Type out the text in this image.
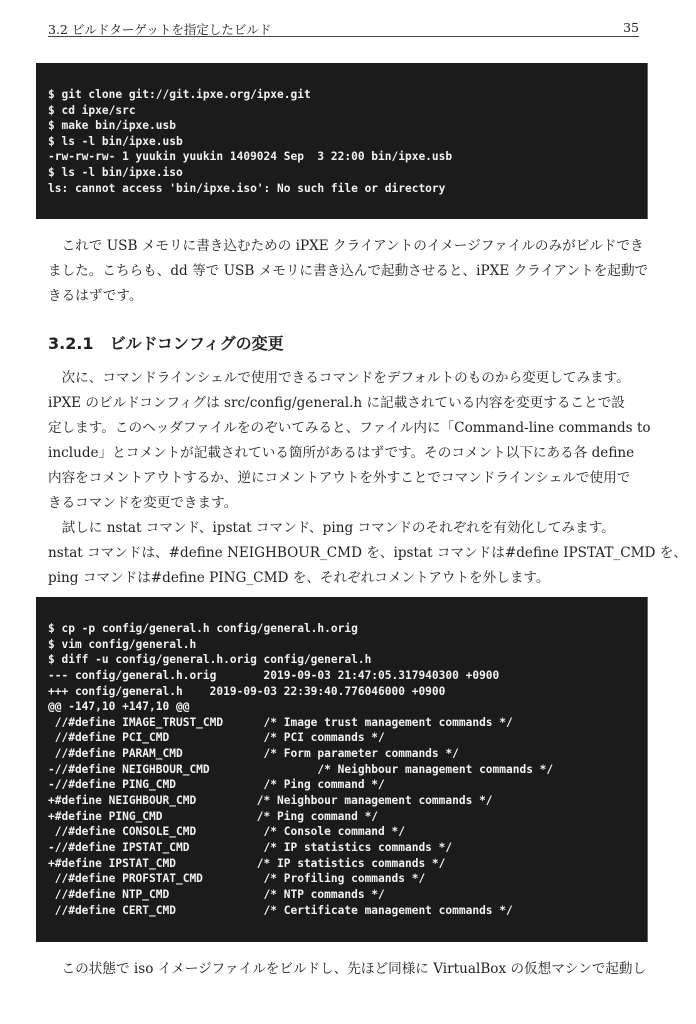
3.2 ビルドターゲットを指定したビルド	35
$ git clone git://git.ipxe.org/ipxe.git
$ cd ipxe/src
$ make bin/ipxe.usb
$ ls -l bin/ipxe.usb
-rw-rw-rw- 1 yuukin yuukin 1409024 Sep  3 22:00 bin/ipxe.usb
$ ls -l bin/ipxe.iso
ls: cannot access 'bin/ipxe.iso': No such file or directory
　これで USB メモリに書き込むための iPXE クライアントのイメージファイルのみがビルドでき
ました。こちらも、dd 等で USB メモリに書き込んで起動させると、iPXE クライアントを起動で
きるはずです。
3.2.1 ビルドコンフィグの変更
　次に、コマンドラインシェルで使用できるコマンドをデフォルトのものから変更してみます。
iPXE のビルドコンフィグは src/config/general.h に記載されている内容を変更することで設
定します。このヘッダファイルをのぞいてみると、ファイル内に「Command-line commands to
include」とコメントが記載されている箇所があるはずです。そのコメント以下にある各 define
内容をコメントアウトするか、逆にコメントアウトを外すことでコマンドラインシェルで使用で
きるコマンドを変更できます。
　試しに nstat コマンド、ipstat コマンド、ping コマンドのそれぞれを有効化してみます。
nstat コマンドは、#define NEIGHBOUR_CMD を、ipstat コマンドは#define IPSTAT_CMD を、
ping コマンドは#define PING_CMD を、それぞれコメントアウトを外します。
$ cp -p config/general.h config/general.h.orig
$ vim config/general.h
$ diff -u config/general.h.orig config/general.h
--- config/general.h.orig       2019-09-03 21:47:05.317940300 +0900
+++ config/general.h    2019-09-03 22:39:40.776046000 +0900
@@ -147,10 +147,10 @@
//#define IMAGE_TRUST_CMD      /* Image trust management commands */
//#define PCI_CMD              /* PCI commands */
//#define PARAM_CMD            /* Form parameter commands */
-//#define NEIGHBOUR_CMD                /* Neighbour management commands */
-//#define PING_CMD             /* Ping command */
+#define NEIGHBOUR_CMD         /* Neighbour management commands */
+#define PING_CMD              /* Ping command */
//#define CONSOLE_CMD          /* Console command */
-//#define IPSTAT_CMD           /* IP statistics commands */
+#define IPSTAT_CMD            /* IP statistics commands */
//#define PROFSTAT_CMD         /* Profiling commands */
//#define NTP_CMD              /* NTP commands */
//#define CERT_CMD             /* Certificate management commands */
　この状態で iso イメージファイルをビルドし、先ほど同様に VirtualBox の仮想マシンで起動し
